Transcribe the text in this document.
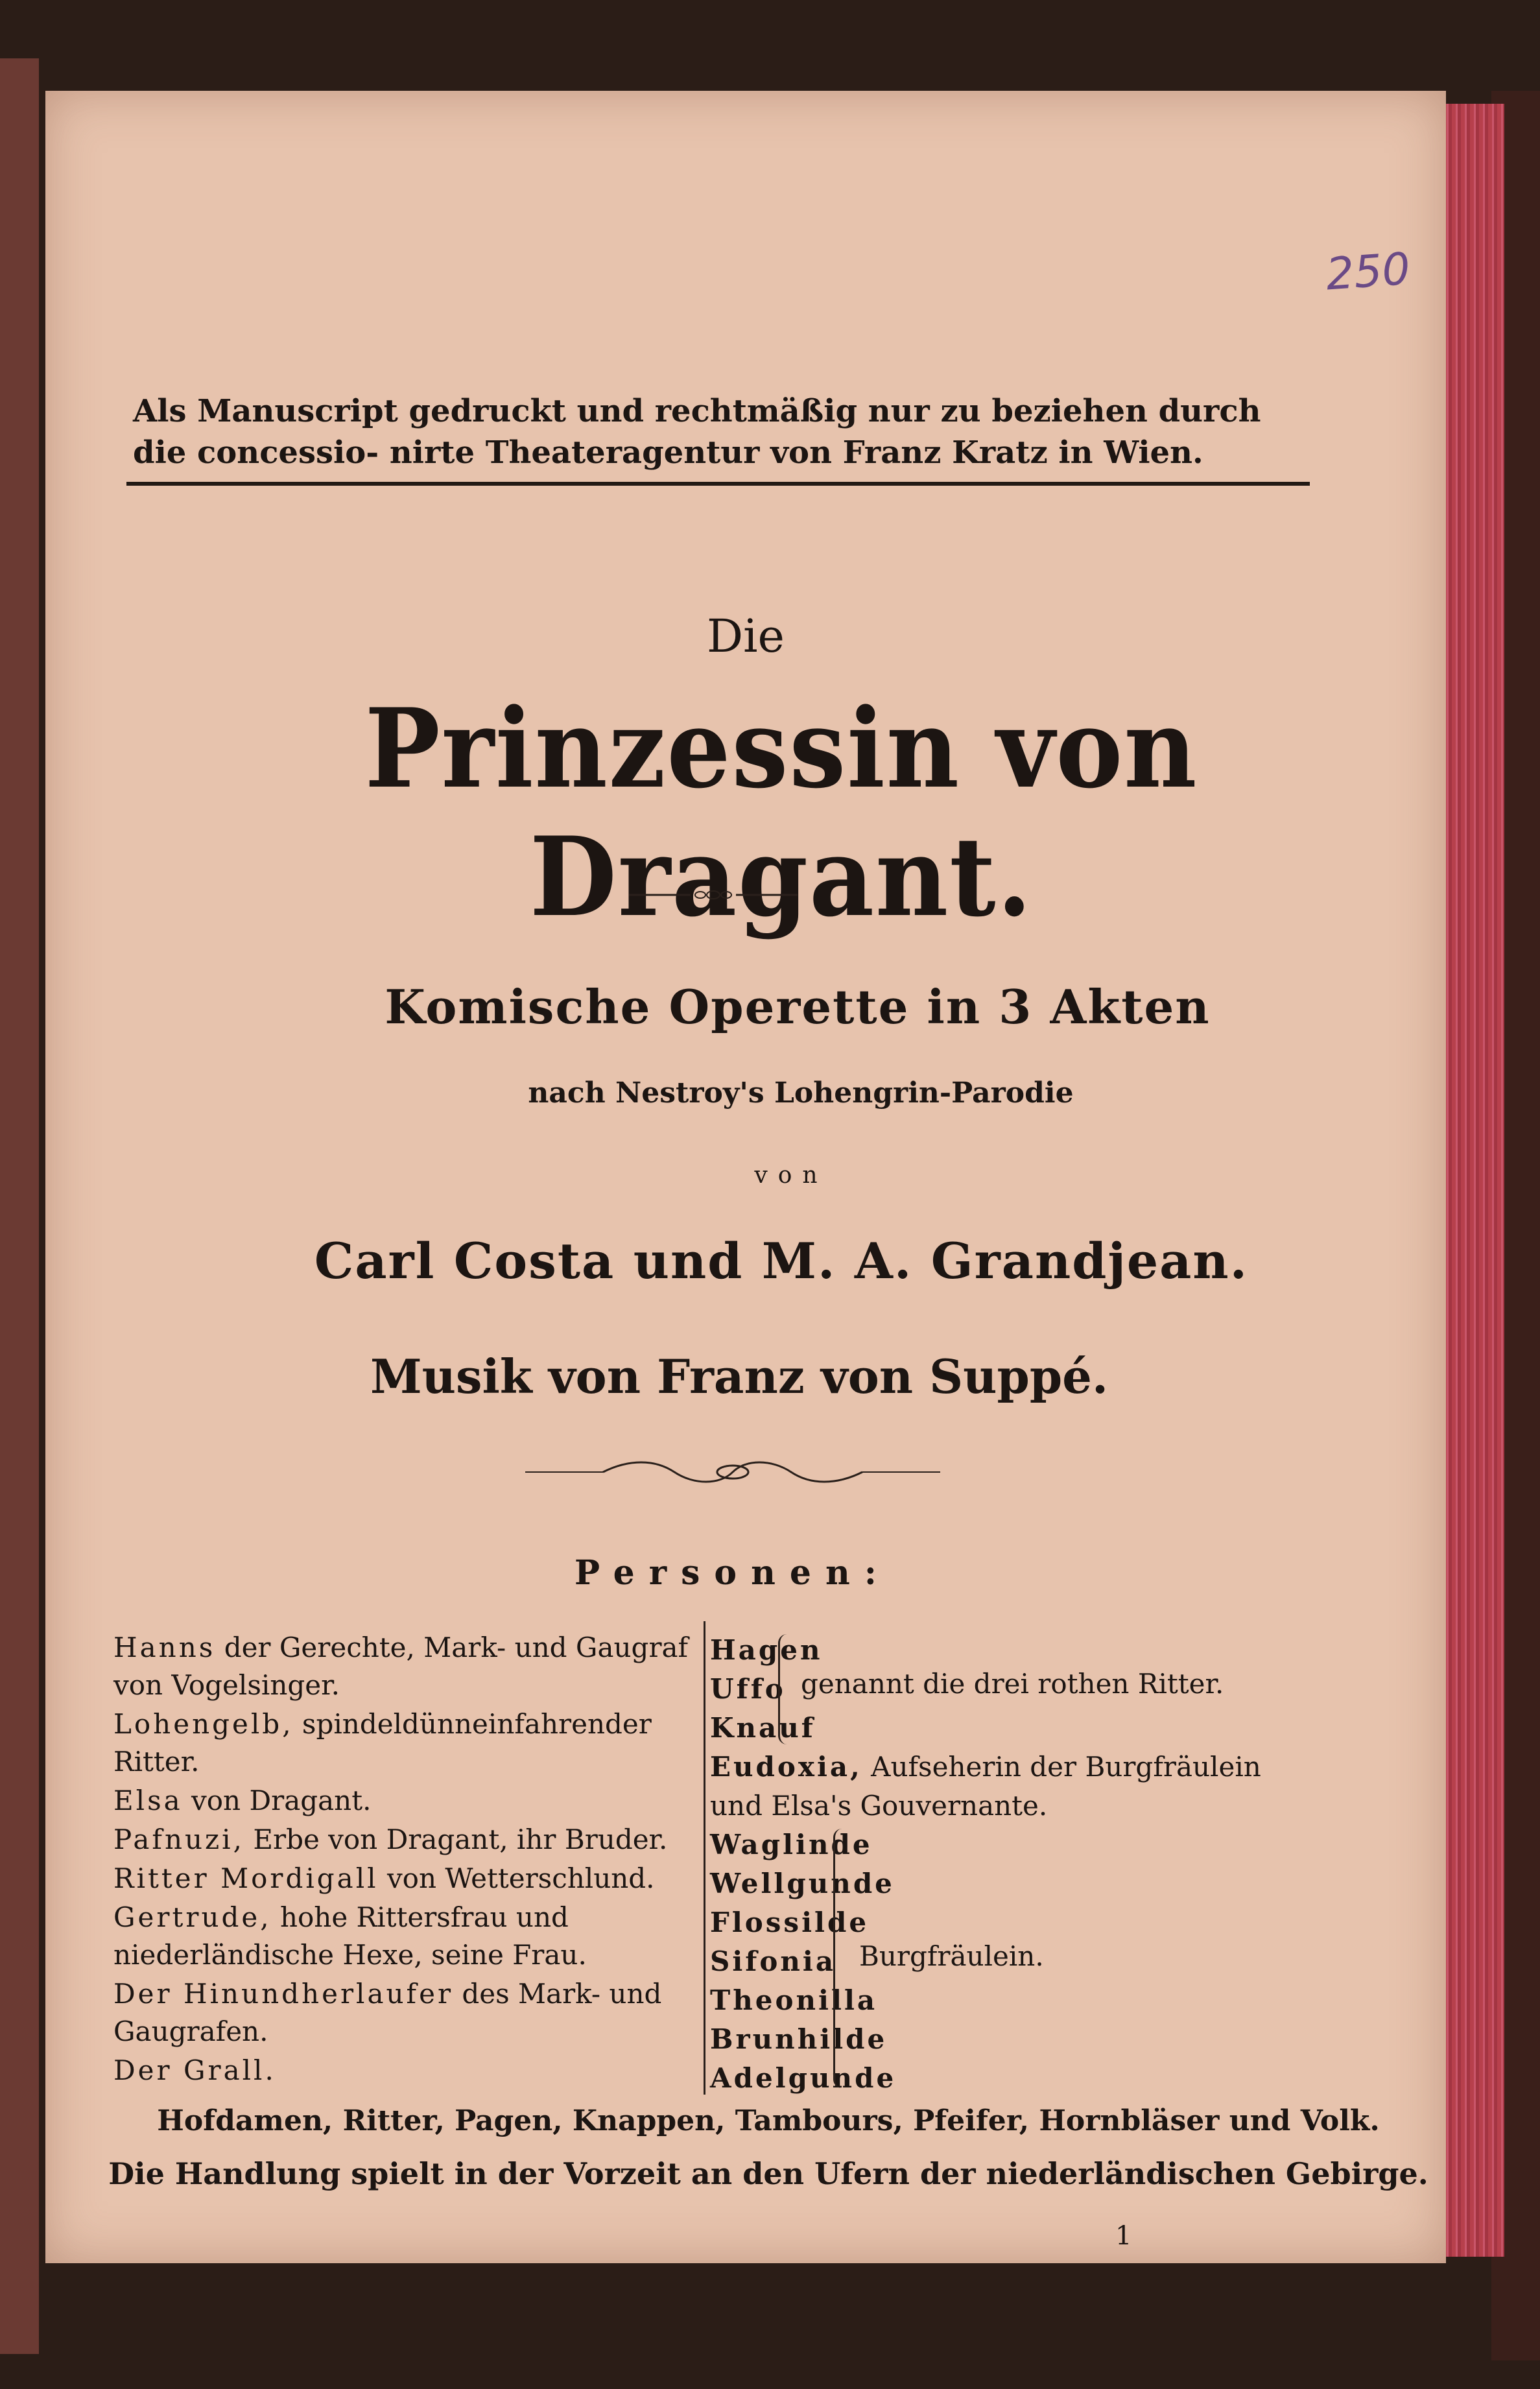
250
Als Manuscript gedruckt und rechtmäßig nur zu beziehen durch die concessio- nirte Theateragentur von Franz Kratz in Wien.
Die
Prinzessin von Dragant.
Komische Operette in 3 Akten
nach Nestroy's Lohengrin-Parodie
von
Carl Costa und M. A. Grandjean.
Musik von Franz von Suppé.
Personen:
Hanns der Gerechte, Mark- und Gaugraf von Vogelsinger.
Lohengelb, spindeldünneinfahrender Ritter.
Elsa von Dragant.
Pafnuzi, Erbe von Dragant, ihr Bruder.
Ritter Mordigall von Wetterschlund.
Gertrude, hohe Rittersfrau und niederländische Hexe, seine Frau.
Der Hinundherlaufer des Mark- und Gaugrafen.
Der Grall.
Hagen
Uffo
Knauf
Eudoxia, Aufseherin der Burgfräulein und Elsa's Gouvernante.
Waglinde
Wellgunde
Flossilde
Sifonia
Theonilla
Brunhilde
Adelgunde
genannt die drei rothen Ritter.
Burgfräulein.
Hofdamen, Ritter, Pagen, Knappen, Tambours, Pfeifer, Hornbläser und Volk.
Die Handlung spielt in der Vorzeit an den Ufern der niederländischen Gebirge.
1
